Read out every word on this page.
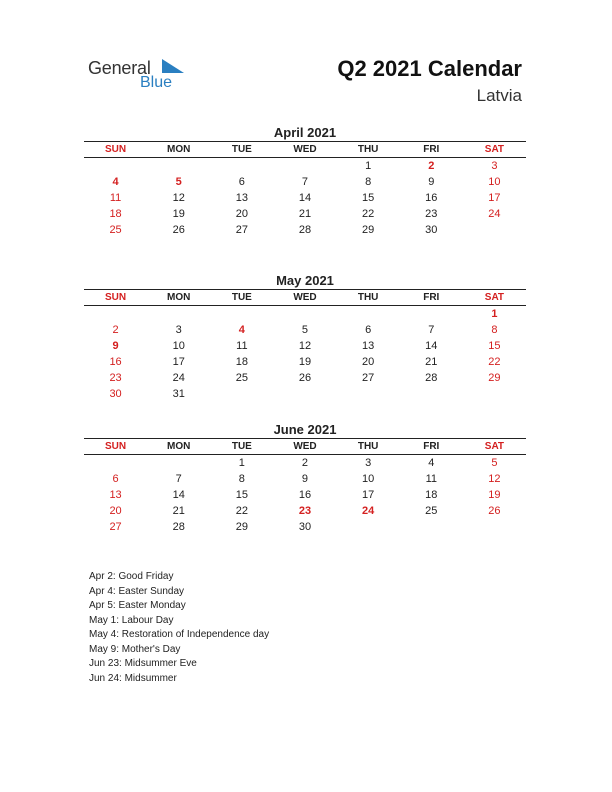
General
Blue
Q2 2021 Calendar
Latvia
April 2021
SUN	MON	TUE	WED	THU	FRI	SAT
				1	2	3
4	5	6	7	8	9	10
11	12	13	14	15	16	17
18	19	20	21	22	23	24
25	26	27	28	29	30	
May 2021
SUN	MON	TUE	WED	THU	FRI	SAT
						1
2	3	4	5	6	7	8
9	10	11	12	13	14	15
16	17	18	19	20	21	22
23	24	25	26	27	28	29
30	31					
June 2021
SUN	MON	TUE	WED	THU	FRI	SAT
		1	2	3	4	5
6	7	8	9	10	11	12
13	14	15	16	17	18	19
20	21	22	23	24	25	26
27	28	29	30			
Apr 2: Good Friday
Apr 4: Easter Sunday
Apr 5: Easter Monday
May 1: Labour Day
May 4: Restoration of Independence day
May 9: Mother's Day
Jun 23: Midsummer Eve
Jun 24: Midsummer
